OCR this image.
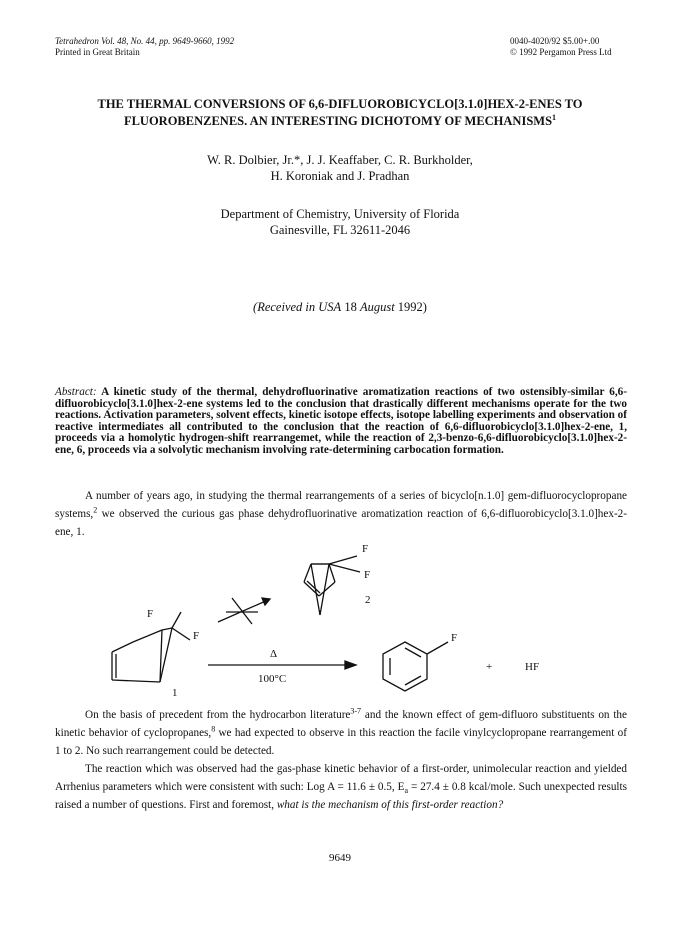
Tetrahedron Vol. 48, No. 44, pp. 9649-9660, 1992
Printed in Great Britain
0040-4020/92 $5.00+.00
© 1992 Pergamon Press Ltd
THE THERMAL CONVERSIONS OF 6,6-DIFLUOROBICYCLO[3.1.0]HEX-2-ENES TO
FLUOROBENZENES. AN INTERESTING DICHOTOMY OF MECHANISMS$^1$
W. R. Dolbier, Jr.*, J. J. Keaffaber, C. R. Burkholder,
H. Koroniak and J. Pradhan
Department of Chemistry, University of Florida
Gainesville, FL 32611-2046
(Received in USA 18 August 1992)
Abstract: A kinetic study of the thermal, dehydrofluorinative aromatization reactions of two ostensibly-similar 6,6-difluorobicyclo[3.1.0]hex-2-ene systems led to the conclusion that drastically different mechanisms operate for the two reactions. Activation parameters, solvent effects, kinetic isotope effects, isotope labelling experiments and observation of reactive intermediates all contributed to the conclusion that the reaction of 6,6-difluorobicyclo[3.1.0]hex-2-ene, 1, proceeds via a homolytic hydrogen-shift rearrangemet, while the reaction of 2,3-benzo-6,6-difluorobicyclo[3.1.0]hex-2-ene, 6, proceeds via a solvolytic mechanism involving rate-determining carbocation formation.
A number of years ago, in studying the thermal rearrangements of a series of bicyclo[n.1.0] gem-difluorocyclopropane systems,$^2$ we observed the curious gas phase dehydrofluorinative aromatization reaction of 6,6-difluorobicyclo[3.1.0]hex-2-ene, 1.
F
F
2
F
F
1
Δ
100°C
F
+	HF
On the basis of precedent from the hydrocarbon literature$^{3-7}$ and the known effect of gem-difluoro substituents on the kinetic behavior of cyclopropanes,$^8$ we had expected to observe in this reaction the facile vinylcyclopropane rearrangement of 1 to 2. No such rearrangement could be detected.
The reaction which was observed had the gas-phase kinetic behavior of a first-order, unimolecular reaction and yielded Arrhenius parameters which were consistent with such: Log A = 11.6 ± 0.5, $E_a = 27.4 \pm 0.8$ kcal/mole. Such unexpected results raised a number of questions. First and foremost, what is the mechanism of this first-order reaction?
9649
